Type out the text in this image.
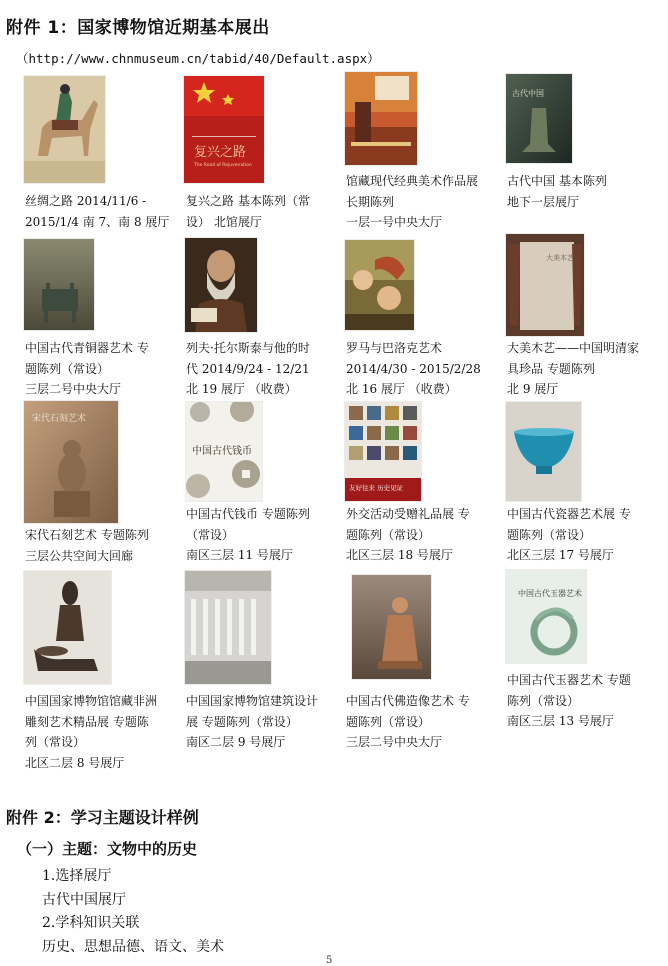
附件 1：国家博物馆近期基本展出
（http://www.chnmuseum.cn/tabid/40/Default.aspx）
复兴之路
The Road of Rejuvenation
古代中国
丝绸之路 2014/11/6 -
2015/1/4 南 7、南 8 展厅
复兴之路 基本陈列（常
设） 北馆展厅
馆藏现代经典美术作品展
长期陈列
一层一号中央大厅
古代中国 基本陈列
地下一层展厅
大美木艺
中国古代青铜器艺术 专
题陈列（常设）
三层二号中央大厅
列夫·托尔斯泰与他的时
代 2014/9/24 - 12/21
北 19 展厅 （收费）
罗马与巴洛克艺术
2014/4/30 - 2015/2/28
北 16 展厅 （收费）
大美木艺——中国明清家
具珍品 专题陈列
北 9 展厅
宋代石刻艺术
中国古代钱币
友好往来 历史见证
宋代石刻艺术 专题陈列
三层公共空间大回廊
中国古代钱币 专题陈列
（常设）
南区三层 11 号展厅
外交活动受赠礼品展 专
题陈列（常设）
北区三层 18 号展厅
中国古代瓷器艺术展 专
题陈列（常设）
北区三层 17 号展厅
中国古代玉器艺术
中国国家博物馆馆藏非洲
雕刻艺术精品展 专题陈
列（常设）
北区二层 8 号展厅
中国国家博物馆建筑设计
展 专题陈列（常设）
南区二层 9 号展厅
中国古代佛造像艺术 专
题陈列（常设）
三层二号中央大厅
中国古代玉器艺术 专题
陈列（常设）
南区三层 13 号展厅
附件 2：学习主题设计样例
（一）主题：文物中的历史
1.选择展厅
古代中国展厅
2.学科知识关联
历史、思想品德、语文、美术
5
